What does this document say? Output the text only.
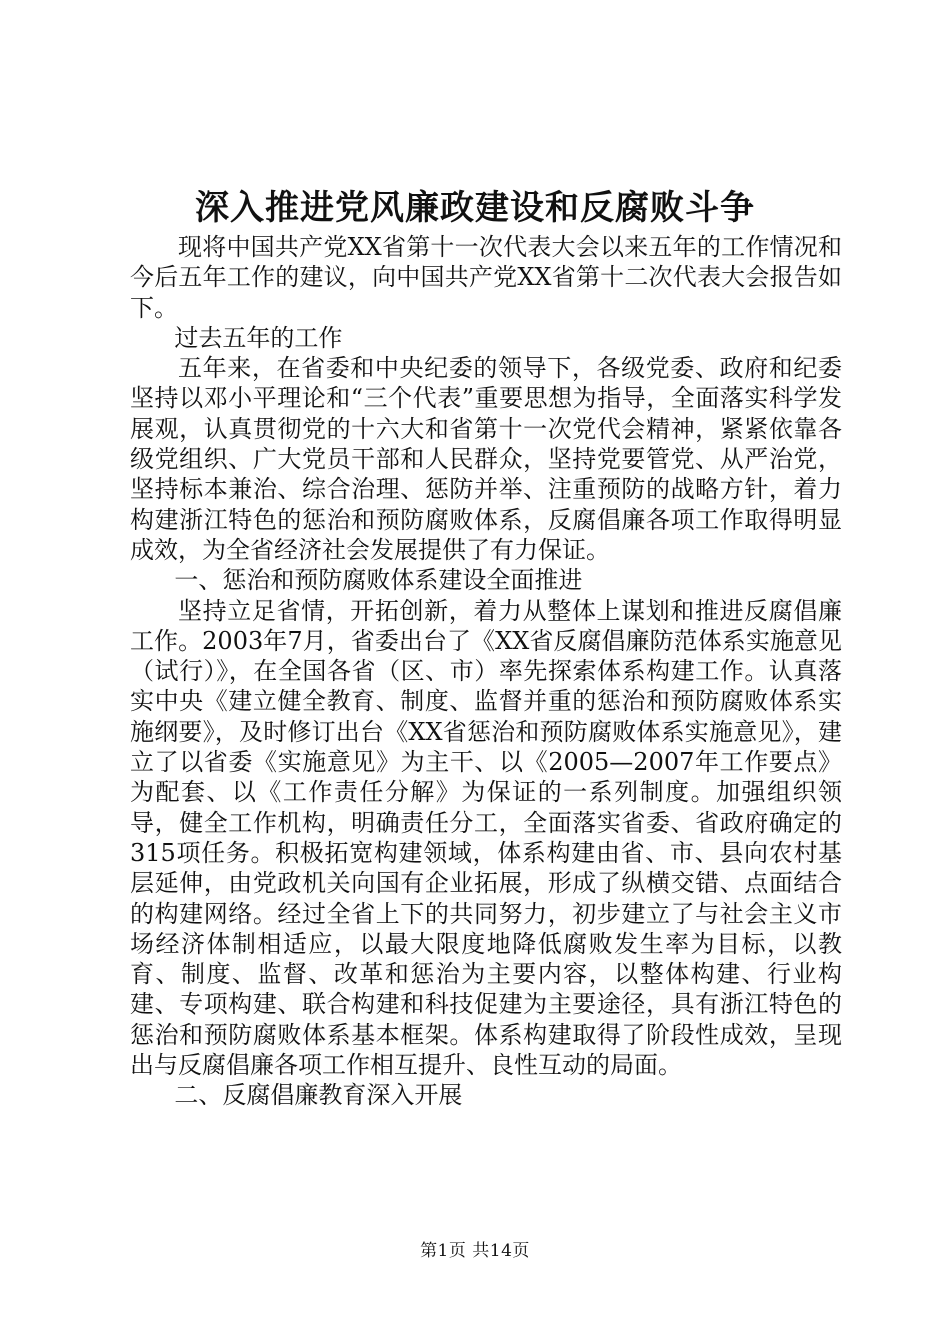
深入推进党风廉政建设和反腐败斗争

现将中国共产党XX省第十一次代表大会以来五年的工作情况和今后五年工作的建议，向中国共产党XX省第十二次代表大会报告如下。

过去五年的工作

五年来，在省委和中央纪委的领导下，各级党委、政府和纪委坚持以邓小平理论和“三个代表”重要思想为指导，全面落实科学发展观，认真贯彻党的十六大和省第十一次党代会精神，紧紧依靠各级党组织、广大党员干部和人民群众，坚持党要管党、从严治党，坚持标本兼治、综合治理、惩防并举、注重预防的战略方针，着力构建浙江特色的惩治和预防腐败体系，反腐倡廉各项工作取得明显成效，为全省经济社会发展提供了有力保证。

一、惩治和预防腐败体系建设全面推进

坚持立足省情，开拓创新，着力从整体上谋划和推进反腐倡廉工作。2003年7月，省委出台了《XX省反腐倡廉防范体系实施意见（试行）》，在全国各省（区、市）率先探索体系构建工作。认真落实中央《建立健全教育、制度、监督并重的惩治和预防腐败体系实施纲要》，及时修订出台《XX省惩治和预防腐败体系实施意见》，建立了以省委《实施意见》为主干、以《2005—2007年工作要点》为配套、以《工作责任分解》为保证的一系列制度。加强组织领导，健全工作机构，明确责任分工，全面落实省委、省政府确定的315项任务。积极拓宽构建领域，体系构建由省、市、县向农村基层延伸，由党政机关向国有企业拓展，形成了纵横交错、点面结合的构建网络。经过全省上下的共同努力，初步建立了与社会主义市场经济体制相适应，以最大限度地降低腐败发生率为目标，以教育、制度、监督、改革和惩治为主要内容，以整体构建、行业构建、专项构建、联合构建和科技促建为主要途径，具有浙江特色的惩治和预防腐败体系基本框架。体系构建取得了阶段性成效，呈现出与反腐倡廉各项工作相互提升、良性互动的局面。

二、反腐倡廉教育深入开展

第1页 共14页
